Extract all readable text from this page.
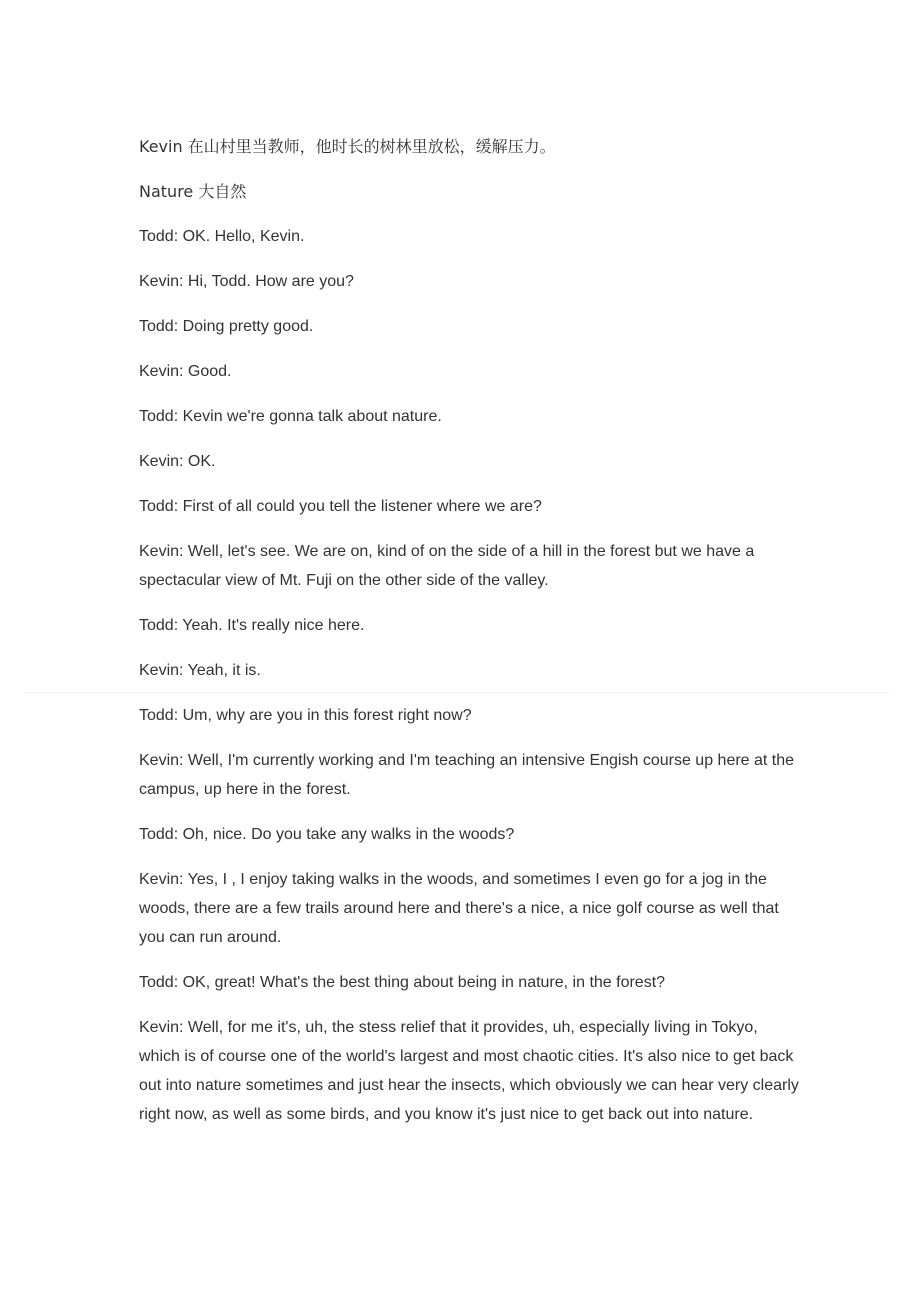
Kevin 在山村里当教师，他时长的树林里放松，缓解压力。

Nature 大自然

Todd: OK. Hello, Kevin.

Kevin: Hi, Todd. How are you?

Todd: Doing pretty good.

Kevin: Good.

Todd: Kevin we're gonna talk about nature.

Kevin: OK.

Todd: First of all could you tell the listener where we are?

Kevin: Well, let's see. We are on, kind of on the side of a hill in the forest but we have a spectacular view of Mt. Fuji on the other side of the valley.

Todd: Yeah. It's really nice here.

Kevin: Yeah, it is.

Todd: Um, why are you in this forest right now?

Kevin: Well, I'm currently working and I'm teaching an intensive Engish course up here at the campus, up here in the forest.

Todd: Oh, nice. Do you take any walks in the woods?

Kevin: Yes, I , I enjoy taking walks in the woods, and sometimes I even go for a jog in the woods, there are a few trails around here and there's a nice, a nice golf course as well that you can run around.

Todd: OK, great! What's the best thing about being in nature, in the forest?

Kevin: Well, for me it's, uh, the stess relief that it provides, uh, especially living in Tokyo, which is of course one of the world's largest and most chaotic cities. It's also nice to get back out into nature sometimes and just hear the insects, which obviously we can hear very clearly right now, as well as some birds, and you know it's just nice to get back out into nature.
